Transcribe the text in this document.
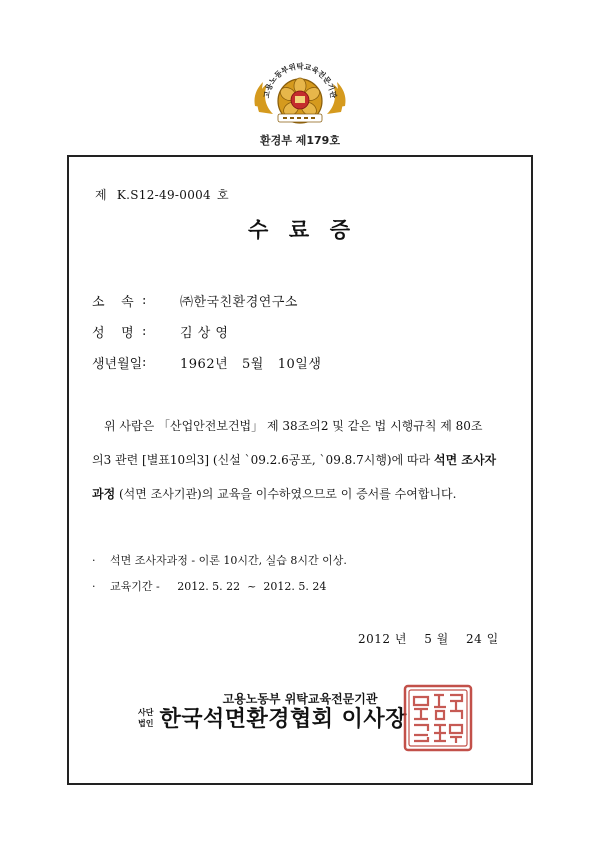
고용노동부위탁교육전문기관
환경부 제179호
제 K.S12-49-0004 호
수  료  증
소    속 :	㈜한국친환경연구소
성    명 :	김 상 영
생년월일 :	1962년   5월   10일생
위 사람은 「산업안전보건법」 제 38조의2 및 같은 법 시행규칙 제 80조
의3 관련 [별표10의3] (신설 `09.2.6공포, `09.8.7시행)에 따라 석면 조사자
과정 (석면 조사기관)의 교육을 이수하였으므로 이 증서를 수여합니다.
·	석면 조사자과정 - 이론 10시간, 실습 8시간 이상.
·	교육기간 -     2012. 5. 22  ~  2012. 5. 24
2012 년    5 월    24 일
고용노동부 위탁교육전문기관
사단
법인 한국석면환경협회 이사장
